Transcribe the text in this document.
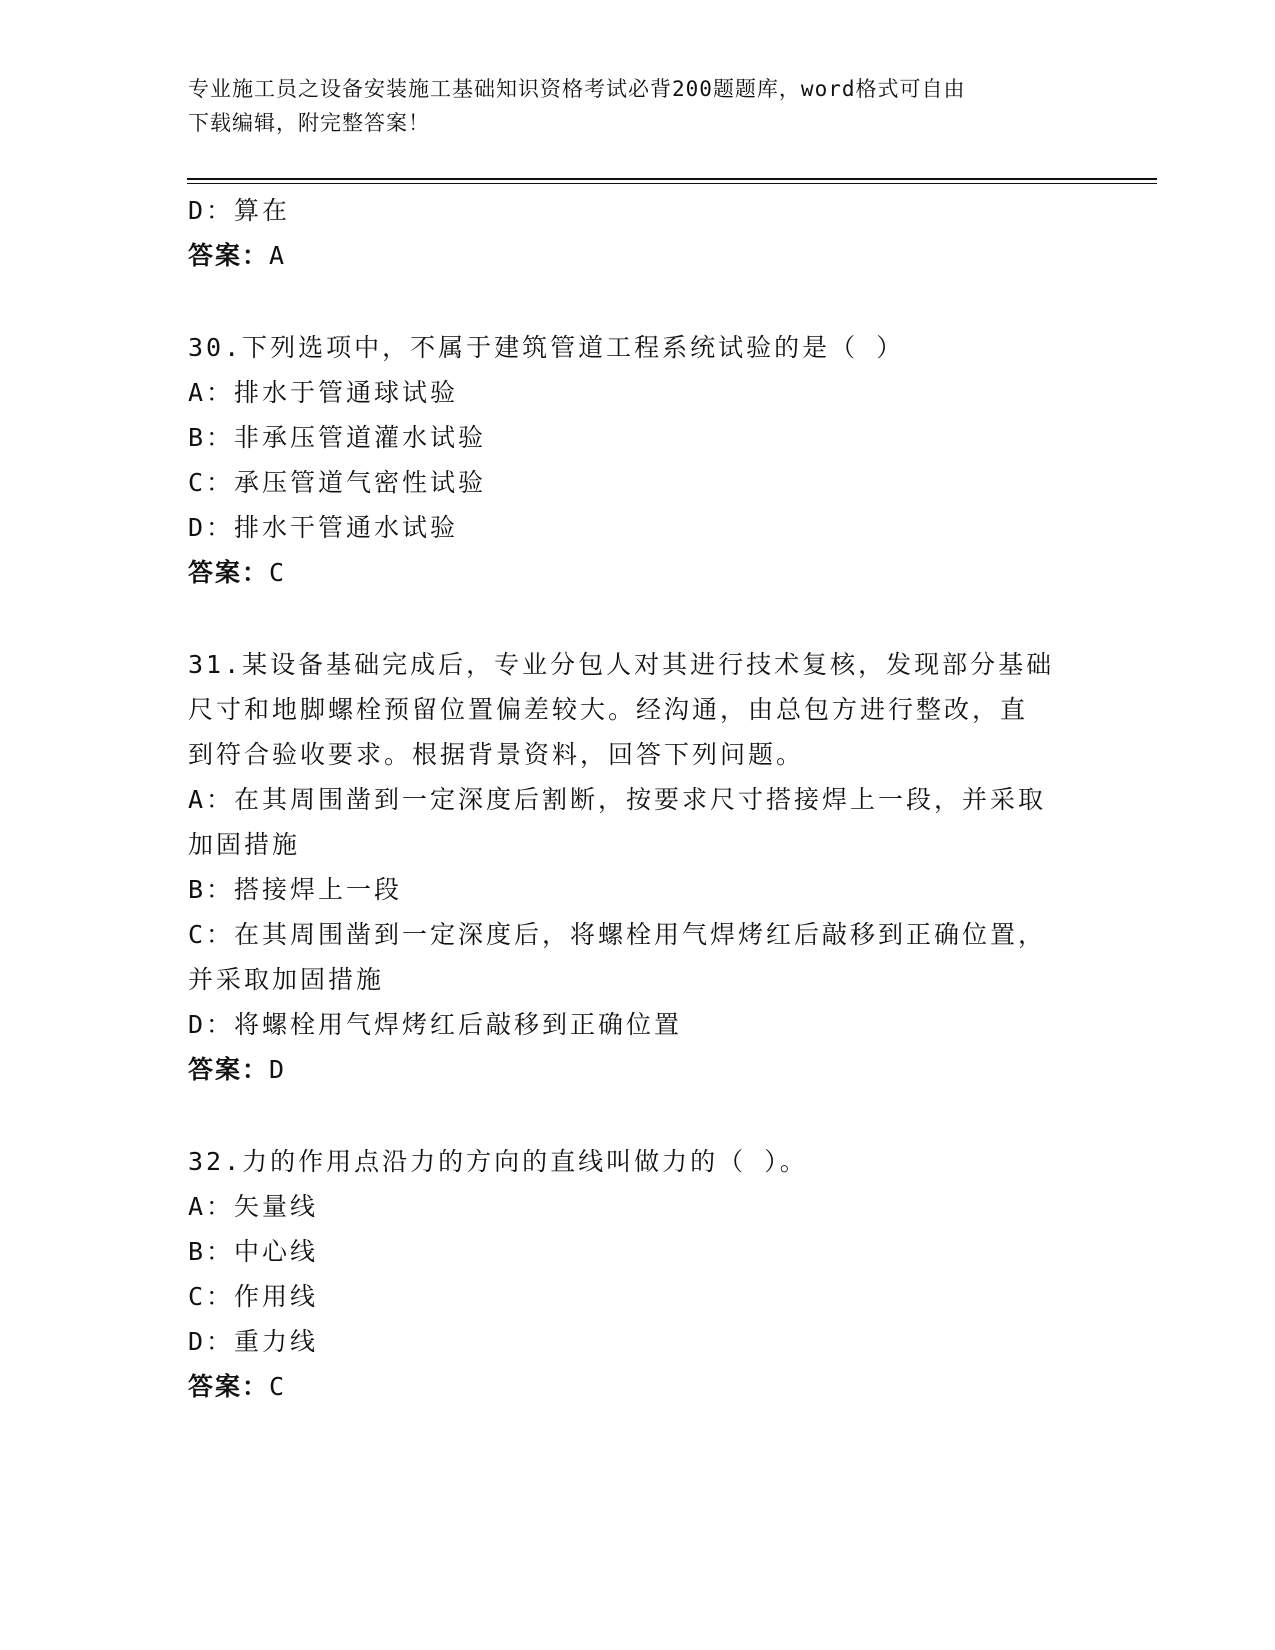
专业施工员之设备安装施工基础知识资格考试必背200题题库，word格式可自由
下载编辑，附完整答案！
D：算在
答案：A
30.下列选项中，不属于建筑管道工程系统试验的是（ ）
A：排水于管通球试验
B：非承压管道灌水试验
C：承压管道气密性试验
D：排水干管通水试验
答案：C
31.某设备基础完成后，专业分包人对其进行技术复核，发现部分基础
尺寸和地脚螺栓预留位置偏差较大。经沟通，由总包方进行整改，直
到符合验收要求。根据背景资料，回答下列问题。
A：在其周围凿到一定深度后割断，按要求尺寸搭接焊上一段，并采取
加固措施
B：搭接焊上一段
C：在其周围凿到一定深度后，将螺栓用气焊烤红后敲移到正确位置，
并采取加固措施
D：将螺栓用气焊烤红后敲移到正确位置
答案：D
32.力的作用点沿力的方向的直线叫做力的（ ）。
A：矢量线
B：中心线
C：作用线
D：重力线
答案：C
